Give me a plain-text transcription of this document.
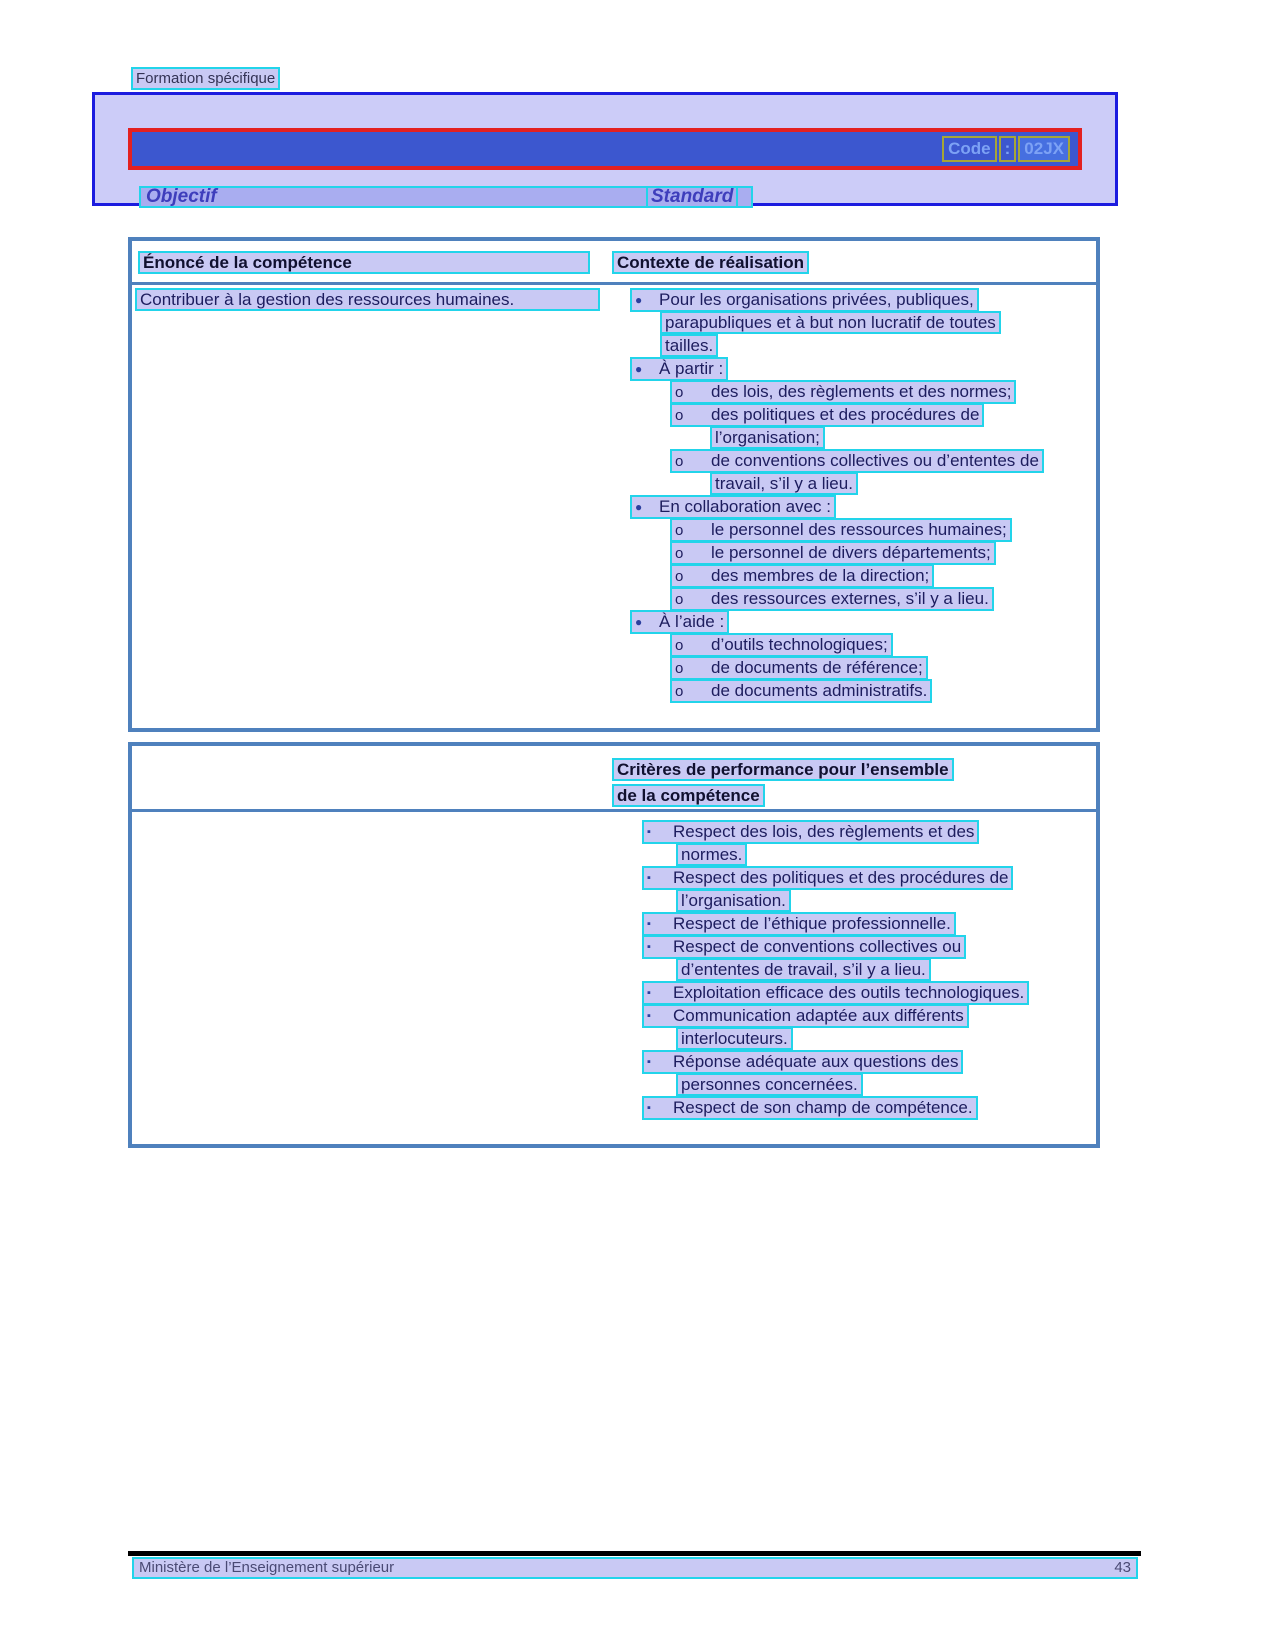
Formation spécifique
Code : 02JX
Objectif	Standard
Énoncé de la compétence	Contexte de réalisation
Contribuer à la gestion des ressources humaines.	● Pour les organisations privées, publiques,
parapubliques et à but non lucratif de toutes
tailles.
● À partir :
o des lois, des règlements et des normes;
o des politiques et des procédures de
l’organisation;
o de conventions collectives ou d’ententes de
travail, s’il y a lieu.
● En collaboration avec :
o le personnel des ressources humaines;
o le personnel de divers départements;
o des membres de la direction;
o des ressources externes, s’il y a lieu.
● À l’aide :
o d’outils technologiques;
o de documents de référence;
o de documents administratifs.
Critères de performance pour l’ensemble
de la compétence
▪ Respect des lois, des règlements et des
normes.
▪ Respect des politiques et des procédures de
l’organisation.
▪ Respect de l’éthique professionnelle.
▪ Respect de conventions collectives ou
d’ententes de travail, s’il y a lieu.
▪ Exploitation efficace des outils technologiques.
▪ Communication adaptée aux différents
interlocuteurs.
▪ Réponse adéquate aux questions des
personnes concernées.
▪ Respect de son champ de compétence.
Ministère de l’Enseignement supérieur	43
